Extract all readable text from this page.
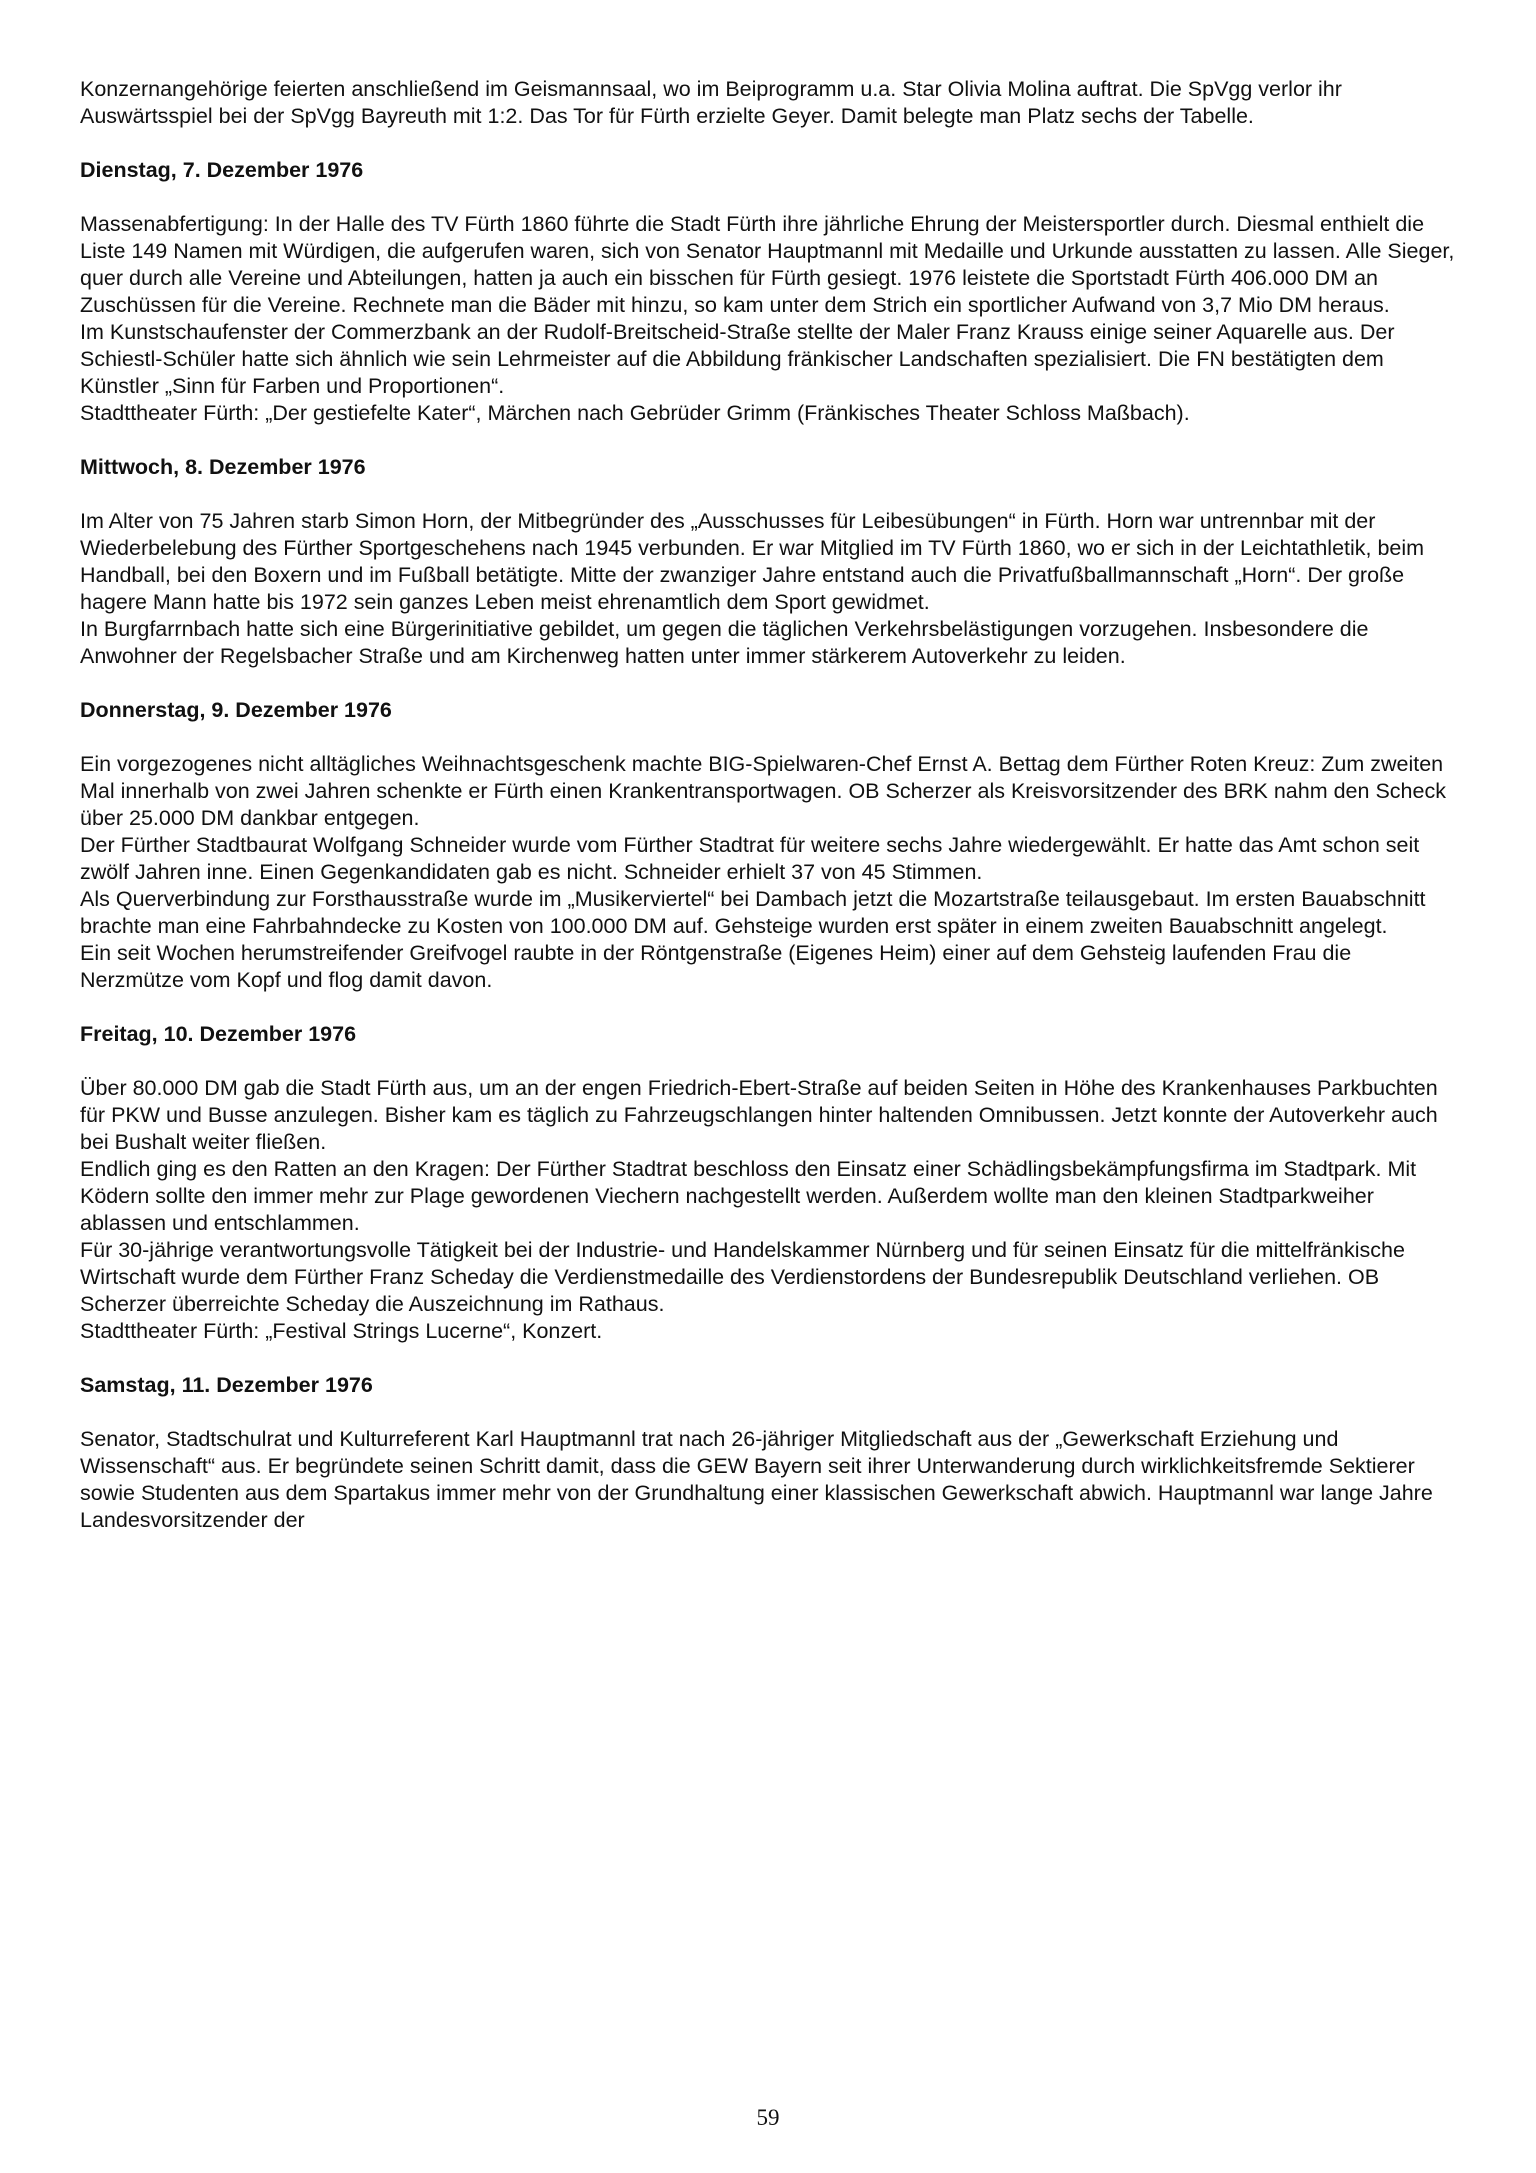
Konzernangehörige feierten anschließend im Geismannsaal, wo im Beiprogramm u.a. Star Olivia Molina auftrat. Die SpVgg verlor ihr Auswärtsspiel bei der SpVgg Bayreuth mit 1:2. Das Tor für Fürth erzielte Geyer. Damit belegte man Platz sechs der Tabelle.

Dienstag, 7. Dezember 1976

Massenabfertigung: In der Halle des TV Fürth 1860 führte die Stadt Fürth ihre jährliche Ehrung der Meistersportler durch. Diesmal enthielt die Liste 149 Namen mit Würdigen, die aufgerufen waren, sich von Senator Hauptmannl mit Medaille und Urkunde ausstatten zu lassen. Alle Sieger, quer durch alle Vereine und Abteilungen, hatten ja auch ein bisschen für Fürth gesiegt. 1976 leistete die Sportstadt Fürth 406.000 DM an Zuschüssen für die Vereine. Rechnete man die Bäder mit hinzu, so kam unter dem Strich ein sportlicher Aufwand von 3,7 Mio DM heraus.

Im Kunstschaufenster der Commerzbank an der Rudolf-Breitscheid-Straße stellte der Maler Franz Krauss einige seiner Aquarelle aus. Der Schiestl-Schüler hatte sich ähnlich wie sein Lehrmeister auf die Abbildung fränkischer Landschaften spezialisiert. Die FN bestätigten dem Künstler „Sinn für Farben und Proportionen“.

Stadttheater Fürth: „Der gestiefelte Kater“, Märchen nach Gebrüder Grimm (Fränkisches Theater Schloss Maßbach).

Mittwoch, 8. Dezember 1976

Im Alter von 75 Jahren starb Simon Horn, der Mitbegründer des „Ausschusses für Leibesübungen“ in Fürth. Horn war untrennbar mit der Wiederbelebung des Fürther Sportgeschehens nach 1945 verbunden. Er war Mitglied im TV Fürth 1860, wo er sich in der Leichtathletik, beim Handball, bei den Boxern und im Fußball betätigte. Mitte der zwanziger Jahre entstand auch die Privatfußballmannschaft „Horn“. Der große hagere Mann hatte bis 1972 sein ganzes Leben meist ehrenamtlich dem Sport gewidmet.

In Burgfarrnbach hatte sich eine Bürgerinitiative gebildet, um gegen die täglichen Verkehrsbelästigungen vorzugehen. Insbesondere die Anwohner der Regelsbacher Straße und am Kirchenweg hatten unter immer stärkerem Autoverkehr zu leiden.

Donnerstag, 9. Dezember 1976

Ein vorgezogenes nicht alltägliches Weihnachtsgeschenk machte BIG-Spielwaren-Chef Ernst A. Bettag dem Fürther Roten Kreuz: Zum zweiten Mal innerhalb von zwei Jahren schenkte er Fürth einen Krankentransportwagen. OB Scherzer als Kreisvorsitzender des BRK nahm den Scheck über 25.000 DM dankbar entgegen.

Der Fürther Stadtbaurat Wolfgang Schneider wurde vom Fürther Stadtrat für weitere sechs Jahre wiedergewählt. Er hatte das Amt schon seit zwölf Jahren inne. Einen Gegenkandidaten gab es nicht. Schneider erhielt 37 von 45 Stimmen.

Als Querverbindung zur Forsthausstraße wurde im „Musikerviertel“ bei Dambach jetzt die Mozartstraße teilausgebaut. Im ersten Bauabschnitt brachte man eine Fahrbahndecke zu Kosten von 100.000 DM auf. Gehsteige wurden erst später in einem zweiten Bauabschnitt angelegt.

Ein seit Wochen herumstreifender Greifvogel raubte in der Röntgenstraße (Eigenes Heim) einer auf dem Gehsteig laufenden Frau die Nerzmütze vom Kopf und flog damit davon.

Freitag, 10. Dezember 1976

Über 80.000 DM gab die Stadt Fürth aus, um an der engen Friedrich-Ebert-Straße auf beiden Seiten in Höhe des Krankenhauses Parkbuchten für PKW und Busse anzulegen. Bisher kam es täglich zu Fahrzeugschlangen hinter haltenden Omnibussen. Jetzt konnte der Autoverkehr auch bei Bushalt weiter fließen.

Endlich ging es den Ratten an den Kragen: Der Fürther Stadtrat beschloss den Einsatz einer Schädlingsbekämpfungsfirma im Stadtpark. Mit Ködern sollte den immer mehr zur Plage gewordenen Viechern nachgestellt werden. Außerdem wollte man den kleinen Stadtparkweiher ablassen und entschlammen.

Für 30-jährige verantwortungsvolle Tätigkeit bei der Industrie- und Handelskammer Nürnberg und für seinen Einsatz für die mittelfränkische Wirtschaft wurde dem Fürther Franz Scheday die Verdienstmedaille des Verdienstordens der Bundesrepublik Deutschland verliehen. OB Scherzer überreichte Scheday die Auszeichnung im Rathaus.

Stadttheater Fürth: „Festival Strings Lucerne“, Konzert.

Samstag, 11. Dezember 1976

Senator, Stadtschulrat und Kulturreferent Karl Hauptmannl trat nach 26-jähriger Mitgliedschaft aus der „Gewerkschaft Erziehung und Wissenschaft“ aus. Er begründete seinen Schritt damit, dass die GEW Bayern seit ihrer Unterwanderung durch wirklichkeitsfremde Sektierer sowie Studenten aus dem Spartakus immer mehr von der Grundhaltung einer klassischen Gewerkschaft abwich. Hauptmannl war lange Jahre Landesvorsitzender der

59
